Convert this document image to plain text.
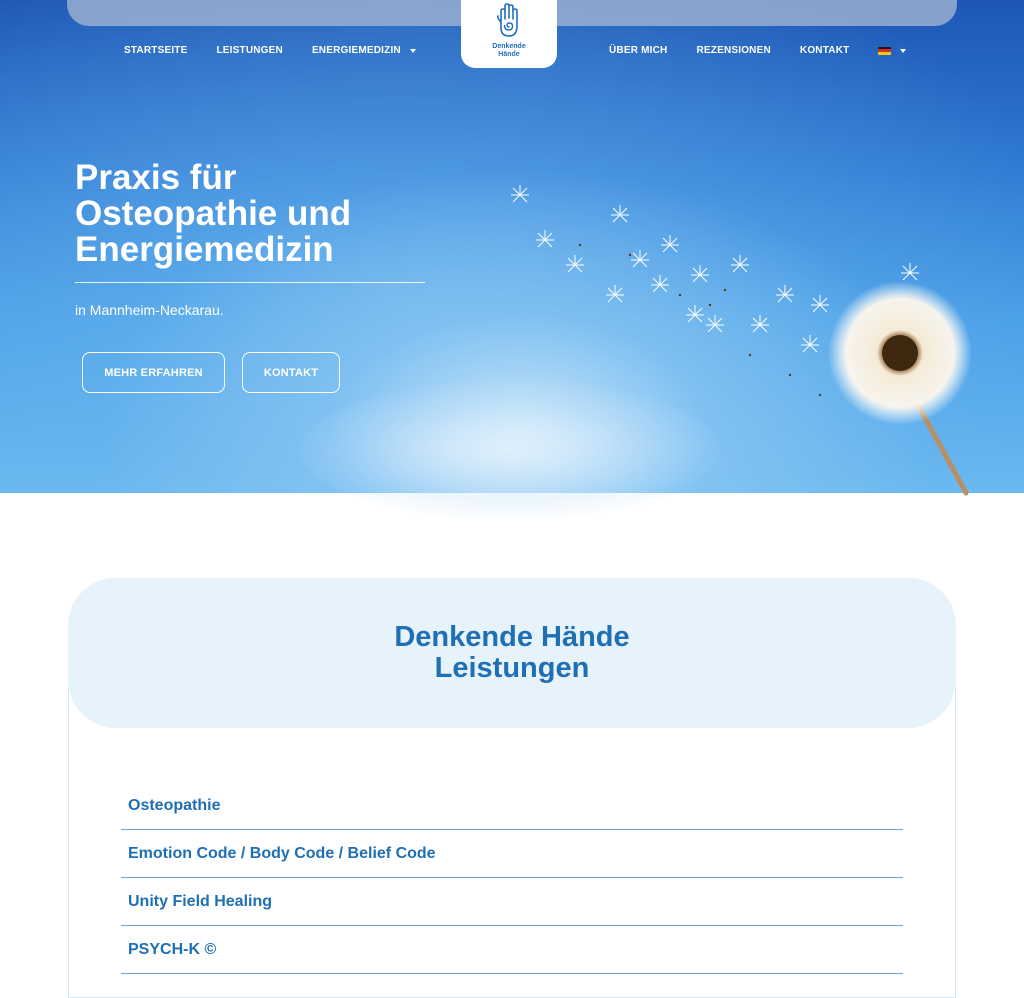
Denkende
Hände
STARTSEITE	LEISTUNGEN	ENERGIEMEDIZIN	ÜBER MICH	REZENSIONEN	KONTAKT
Praxis für
Osteopathie und
Energiemedizin

in Mannheim-Neckarau.

MEHR ERFAHREN	KONTAKT
Denkende Hände
Leistungen
Osteopathie
Emotion Code / Body Code / Belief Code
Unity Field Healing
PSYCH-K ©
